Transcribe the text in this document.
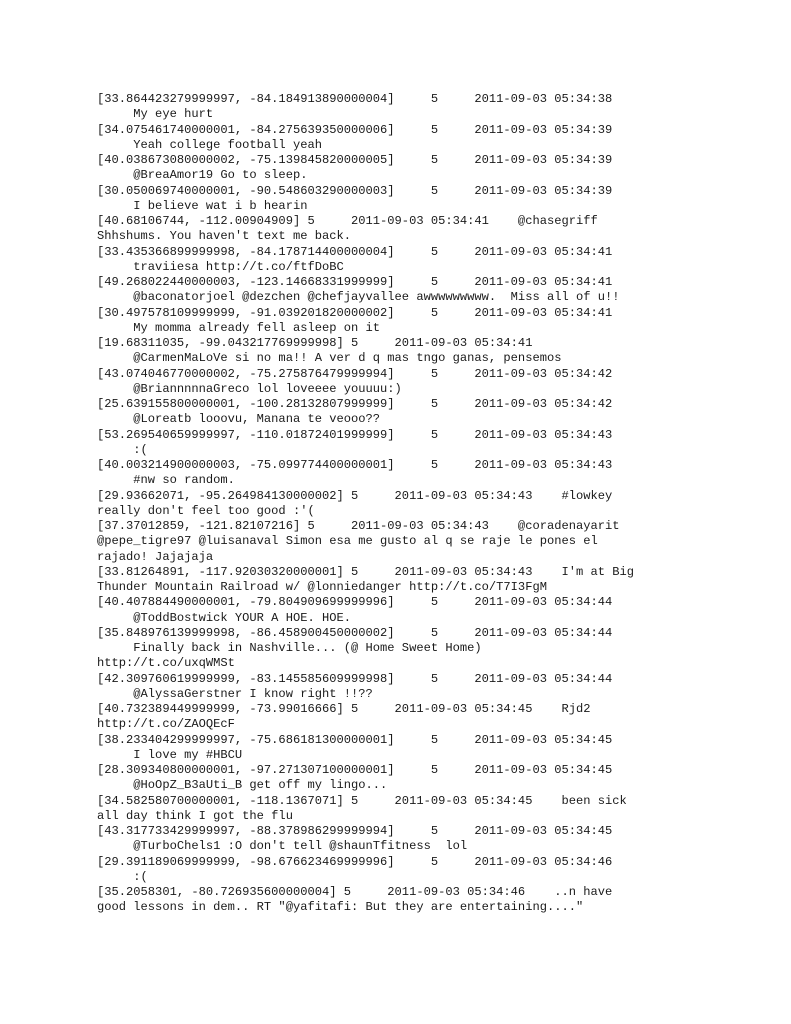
[33.864423279999997, -84.184913890000004]     5     2011-09-03 05:34:38
My eye hurt
[34.075461740000001, -84.275639350000006]     5     2011-09-03 05:34:39
Yeah college football yeah
[40.038673080000002, -75.139845820000005]     5     2011-09-03 05:34:39
@BreaAmor19 Go to sleep.
[30.050069740000001, -90.548603290000003]     5     2011-09-03 05:34:39
I believe wat i b hearin
[40.68106744, -112.00904909] 5     2011-09-03 05:34:41    @chasegriff
Shhshums. You haven't text me back.
[33.435366899999998, -84.178714400000004]     5     2011-09-03 05:34:41
traviiesa http://t.co/ftfDoBC
[49.268022440000003, -123.14668331999999]     5     2011-09-03 05:34:41
@baconatorjoel @dezchen @chefjayvallee awwwwwwwww.  Miss all of u!!
[30.497578109999999, -91.039201820000002]     5     2011-09-03 05:34:41
My momma already fell asleep on it
[19.68311035, -99.043217769999998] 5     2011-09-03 05:34:41
@CarmenMaLoVe si no ma!! A ver d q mas tngo ganas, pensemos
[43.074046770000002, -75.275876479999994]     5     2011-09-03 05:34:42
@BriannnnnaGreco lol loveeee youuuu:)
[25.639155800000001, -100.28132807999999]     5     2011-09-03 05:34:42
@Loreatb looovu, Manana te veooo??
[53.269540659999997, -110.01872401999999]     5     2011-09-03 05:34:43
:(
[40.003214900000003, -75.099774400000001]     5     2011-09-03 05:34:43
#nw so random.
[29.93662071, -95.264984130000002] 5     2011-09-03 05:34:43    #lowkey
really don't feel too good :'(
[37.37012859, -121.82107216] 5     2011-09-03 05:34:43    @coradenayarit
@pepe_tigre97 @luisanaval Simon esa me gusto al q se raje le pones el
rajado! Jajajaja
[33.81264891, -117.92030320000001] 5     2011-09-03 05:34:43    I'm at Big
Thunder Mountain Railroad w/ @lonniedanger http://t.co/T7I3FgM
[40.407884490000001, -79.804909699999996]     5     2011-09-03 05:34:44
@ToddBostwick YOUR A HOE. HOE.
[35.848976139999998, -86.458900450000002]     5     2011-09-03 05:34:44
Finally back in Nashville... (@ Home Sweet Home)
http://t.co/uxqWMSt
[42.309760619999999, -83.145585609999998]     5     2011-09-03 05:34:44
@AlyssaGerstner I know right !!??
[40.732389449999999, -73.99016666] 5     2011-09-03 05:34:45    Rjd2
http://t.co/ZAOQEcF
[38.233404299999997, -75.686181300000001]     5     2011-09-03 05:34:45
I love my #HBCU
[28.309340800000001, -97.271307100000001]     5     2011-09-03 05:34:45
@HoOpZ_B3aUti_B get off my lingo...
[34.582580700000001, -118.1367071] 5     2011-09-03 05:34:45    been sick
all day think I got the flu
[43.317733429999997, -88.378986299999994]     5     2011-09-03 05:34:45
@TurboChels1 :O don't tell @shaunTfitness  lol
[29.391189069999999, -98.676623469999996]     5     2011-09-03 05:34:46
:(
[35.2058301, -80.726935600000004] 5     2011-09-03 05:34:46    ..n have
good lessons in dem.. RT "@yafitafi: But they are entertaining...."
